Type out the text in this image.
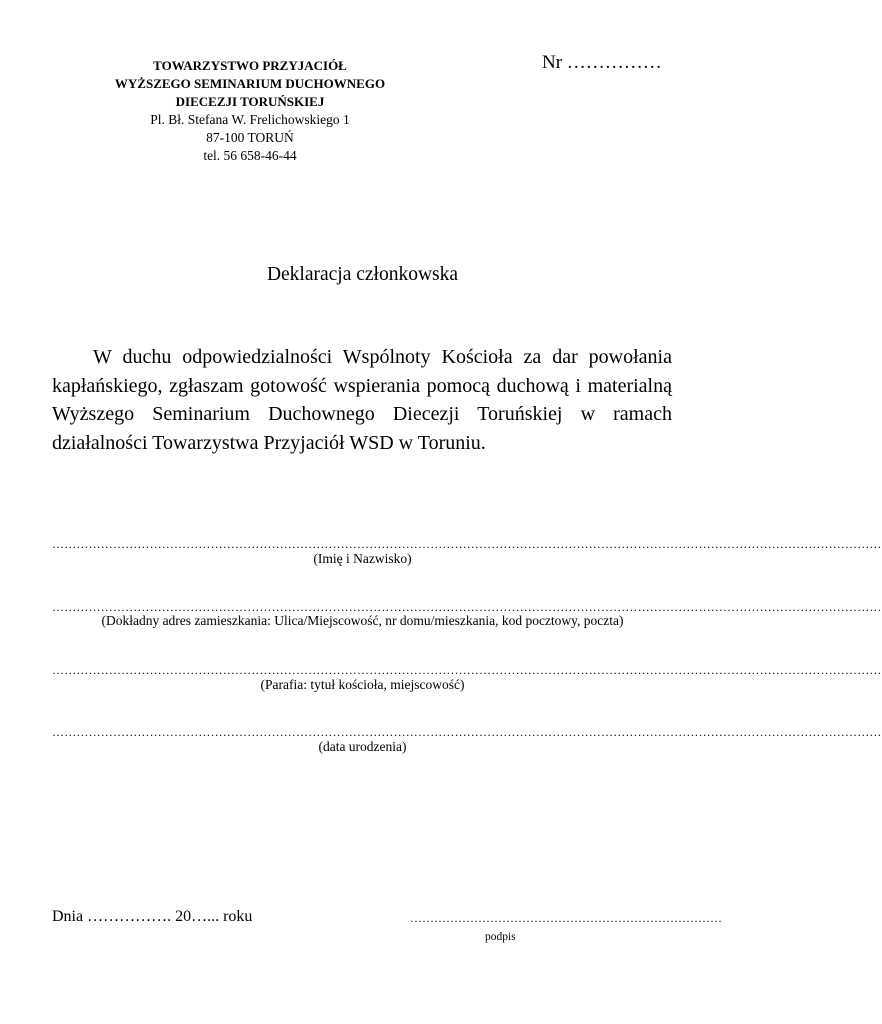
TOWARZYSTWO PRZYJACIÓŁ
WYŻSZEGO SEMINARIUM DUCHOWNEGO
DIECEZJI TORUŃSKIEJ
Pl. Bł. Stefana W. Frelichowskiego 1
87-100 TORUŃ
tel. 56 658-46-44
Nr ……………
Deklaracja członkowska
W duchu odpowiedzialności Wspólnoty Kościoła za dar powołania kapłańskiego, zgłaszam gotowość wspierania pomocą duchową i materialną Wyższego Seminarium Duchownego Diecezji Toruńskiej w ramach działalności Towarzystwa Przyjaciół WSD w Toruniu.
……………………………………………………………………………………………………………………………………………………………………………………
(Imię i Nazwisko)
……………………………………………………………………………………………………………………………………………………………………………………
(Dokładny adres zamieszkania: Ulica/Miejscowość, nr domu/mieszkania, kod pocztowy, poczta)
……………………………………………………………………………………………………………………………………………………………………………………
(Parafia: tytuł kościoła, miejscowość)
……………………………………………………………………………………………………………………………………………………………………………………
(data urodzenia)
Dnia ……………. 20…... roku	……………………………………………………………………
podpis
